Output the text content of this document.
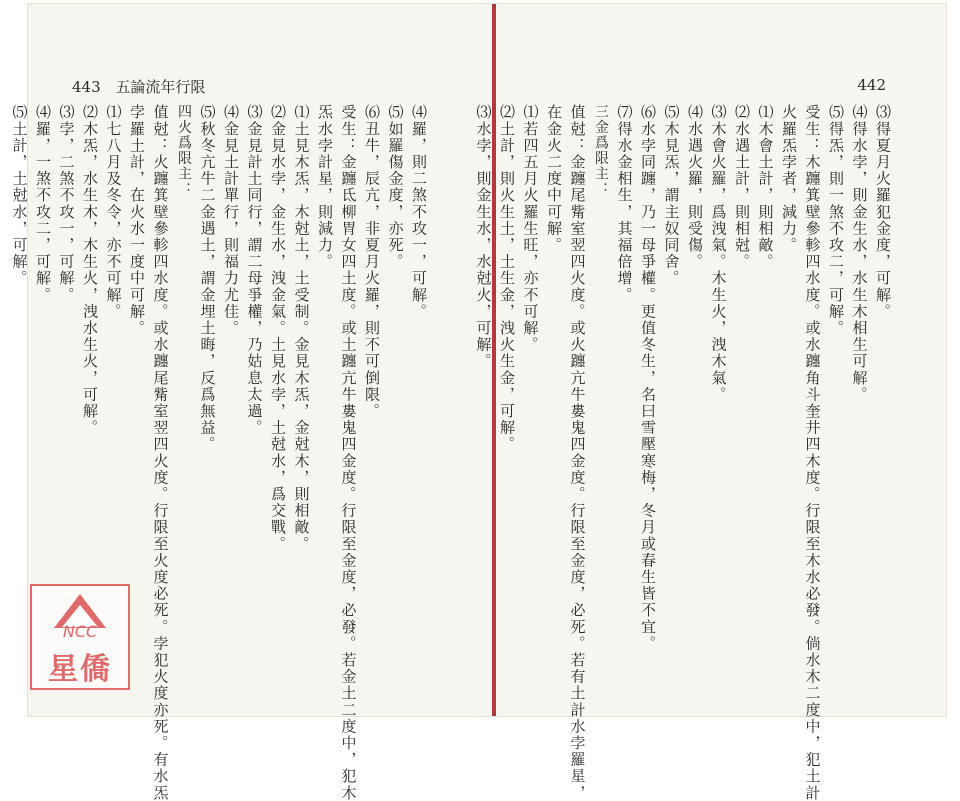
443 五論流年行限
⑷羅，則二煞不攻一，可解。
⑸如羅傷金度，亦死。
⑹丑牛，辰亢，非夏月火羅，則不可倒限。
受生：金躔氐柳胃女四土度。或土躔亢牛婁鬼四金度。行限至金度，必發。若金土二度中，犯木
炁水孛計星，則減力。
⑴土見木炁，木尅土，土受制。金見木炁，金尅木，則相敵。
⑵金見水孛，金生水，洩金氣。土見水孛，土尅水，爲交戰。
⑶金見計土同行，謂二母爭權，乃姑息太過。
⑷金見土計單行，則福力尤佳。
⑸秋冬亢牛二金遇土，謂金埋土晦，反爲無益。
四火爲限主：
值尅：火躔箕壁參軫四水度。或水躔尾觜室翌四火度。行限至火度必死。孛犯火度亦死。有水炁
孛羅土計，在火水一度中可解。
⑴七八月及冬令，亦不可解。
⑵木炁，水生木，木生火，洩水生火，可解。
⑶孛，二煞不攻一，可解。
⑷羅，一煞不攻二，可解。
⑸土計，土尅水，可解。
442
⑶得夏月火羅犯金度，可解。
⑷得水孛，則金生水，水生木相生可解。
⑸得炁，則一煞不攻二，可解。
受生：木躔箕壁參軫四水度。或水躔角斗奎井四木度。行限至木水必發。倘水木二度中，犯土計
火羅炁孛者，減力。
⑴木會土計，則相敵。
⑵水遇土計，則相尅。
⑶木會火羅，爲洩氣。木生火，洩木氣。
⑷水遇火羅，則受傷。
⑸木見炁，謂主奴同舍。
⑹水孛同躔，乃一母爭權。更值冬生，名曰雪壓寒梅，冬月或春生皆不宜。
⑺得水金相生，其福倍增。
三金爲限主：
值尅：金躔尾觜室翌四火度。或火躔亢牛婁鬼四金度。行限至金度，必死。若有土計水孛羅星，
在金火二度中可解。
⑴若四五月火羅生旺，亦不可解。
⑵土計，則火生土，土生金，洩火生金，可解。
⑶水孛，則金生水，水尅火，可解。
NCC
星僑
